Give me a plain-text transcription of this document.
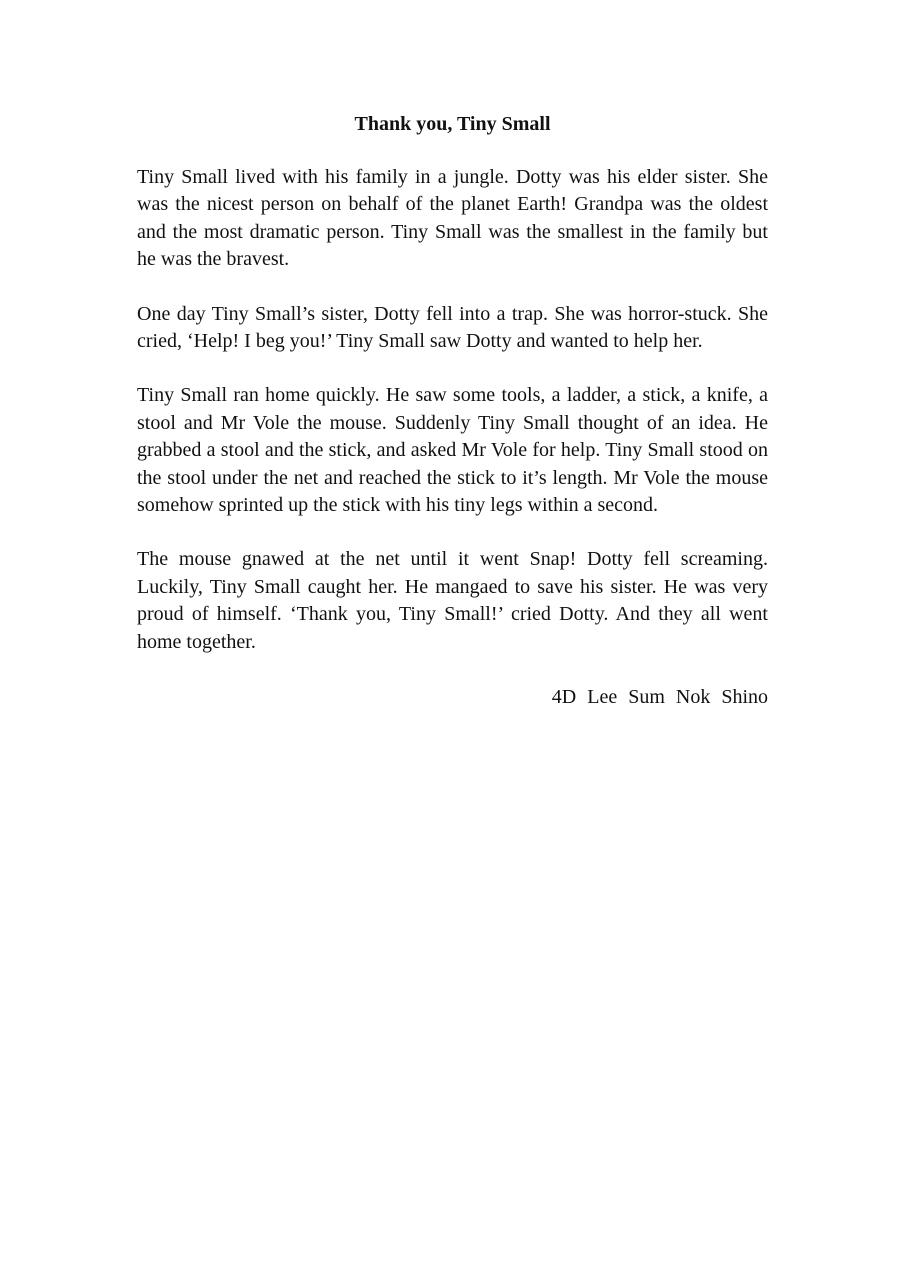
Thank you, Tiny Small

Tiny Small lived with his family in a jungle. Dotty was his elder sister. She was the nicest person on behalf of the planet Earth! Grandpa was the oldest and the most dramatic person. Tiny Small was the smallest in the family but he was the bravest.

One day Tiny Small’s sister, Dotty fell into a trap. She was horror-stuck. She cried, ‘Help! I beg you!’ Tiny Small saw Dotty and wanted to help her.

Tiny Small ran home quickly. He saw some tools, a ladder, a stick, a knife, a stool and Mr Vole the mouse. Suddenly Tiny Small thought of an idea. He grabbed a stool and the stick, and asked Mr Vole for help. Tiny Small stood on the stool under the net and reached the stick to it’s length. Mr Vole the mouse somehow sprinted up the stick with his tiny legs within a second.

The mouse gnawed at the net until it went Snap! Dotty fell screaming. Luckily, Tiny Small caught her. He mangaed to save his sister. He was very proud of himself. ‘Thank you, Tiny Small!’ cried Dotty. And they all went home together.

4D Lee Sum Nok Shino
